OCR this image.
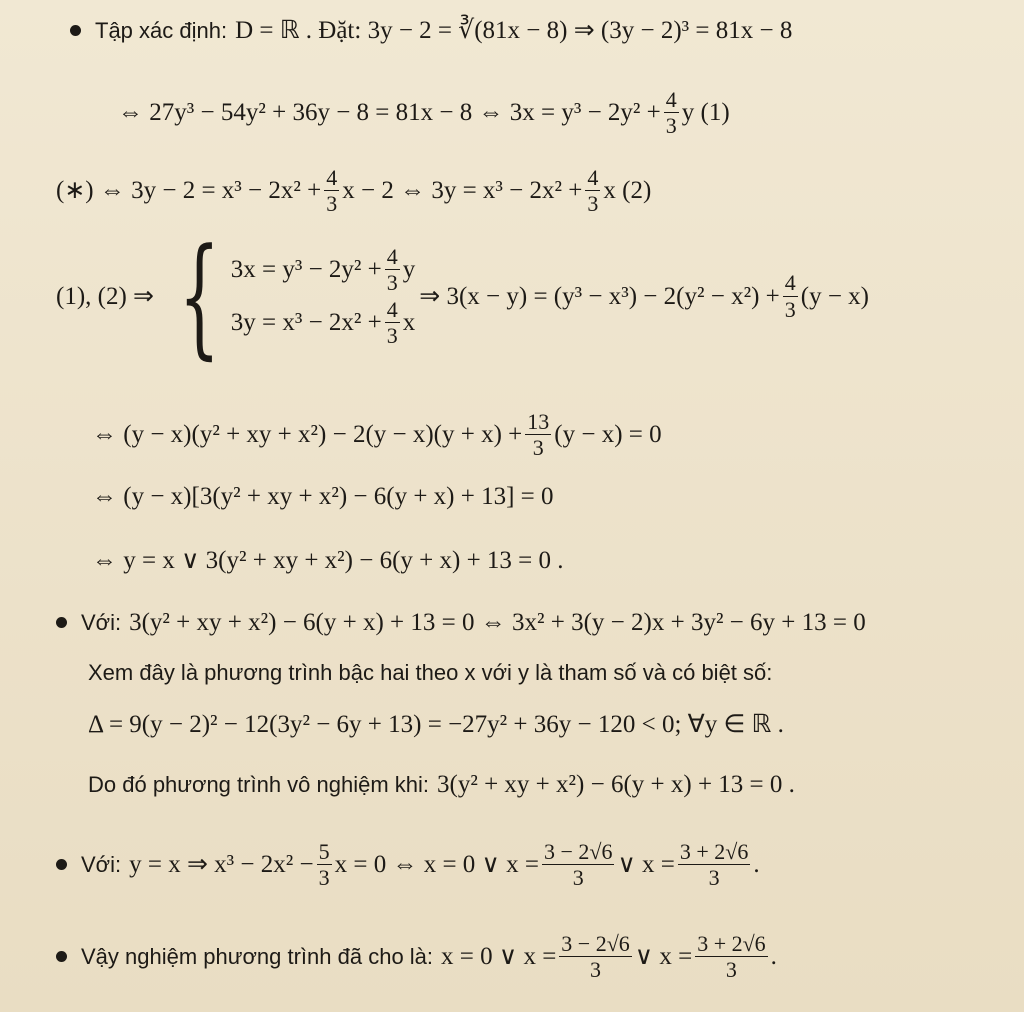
Tập xác định: D = ℝ . Đặt: 3y − 2 = ∛(81x − 8) ⇒ (3y − 2)³ = 81x − 8
⇔ 27y³ − 54y² + 36y − 8 = 81x − 8 ⇔ $3x = y^3 - 2y^2 + \frac{4}{3}$ y (1)
(∗) ⇔ $3y - 2 = x^3 - 2x^2 + \frac{4}{3}$ x − 2 ⇔ $3y = x^3 - 2x^2 + \frac{4}{3}$ x (2)
(1), (2) ⇒ { $3x = y^3 - 2y^2 + \frac{4}{3}$ y
$3y = x^3 - 2x^2 + \frac{4}{3}$ x
⇒ $3(x - y) = (y^3 - x^3) - 2(y^2 - x^2) + \frac{4}{3} (y - x)$
⇔ (y − x)(y² + xy + $x^2) - 2(y - x)(y + x) + \frac{13}{3} (y - x) = 0$
⇔ (y − x)[3(y² + xy + x²) − 6(y + x) + 13] = 0
⇔ y = x ∨ 3(y² + xy + x²) − 6(y + x) + 13 = 0 .
Với: 3(y² + xy + x²) − 6(y + x) + 13 = 0 ⇔ 3x² + 3(y − 2)x + 3y² − 6y + 13 = 0
Xem đây là phương trình bậc hai theo x với y là tham số và có biệt số:
Δ = 9(y − 2)² − 12(3y² − 6y + 13) = −27y² + 36y − 120 < 0; ∀y ∈ ℝ .
Do đó phương trình vô nghiệm khi: 3(y² + xy + x²) − 6(y + x) + 13 = 0 .
Với: y = x ⇒ $x^3 - 2x^2 - \frac{5}{3}$ x = 0 ⇔ x = 0 ∨ $x = \frac{3 - 2√6}{3}$ ∨ $x = \frac{3 + 2√6}{3}$ .
Vậy nghiệm phương trình đã cho là: x = 0 ∨ $x = \frac{3 - 2√6}{3}$ ∨ $x = \frac{3 + 2√6}{3}$ .
